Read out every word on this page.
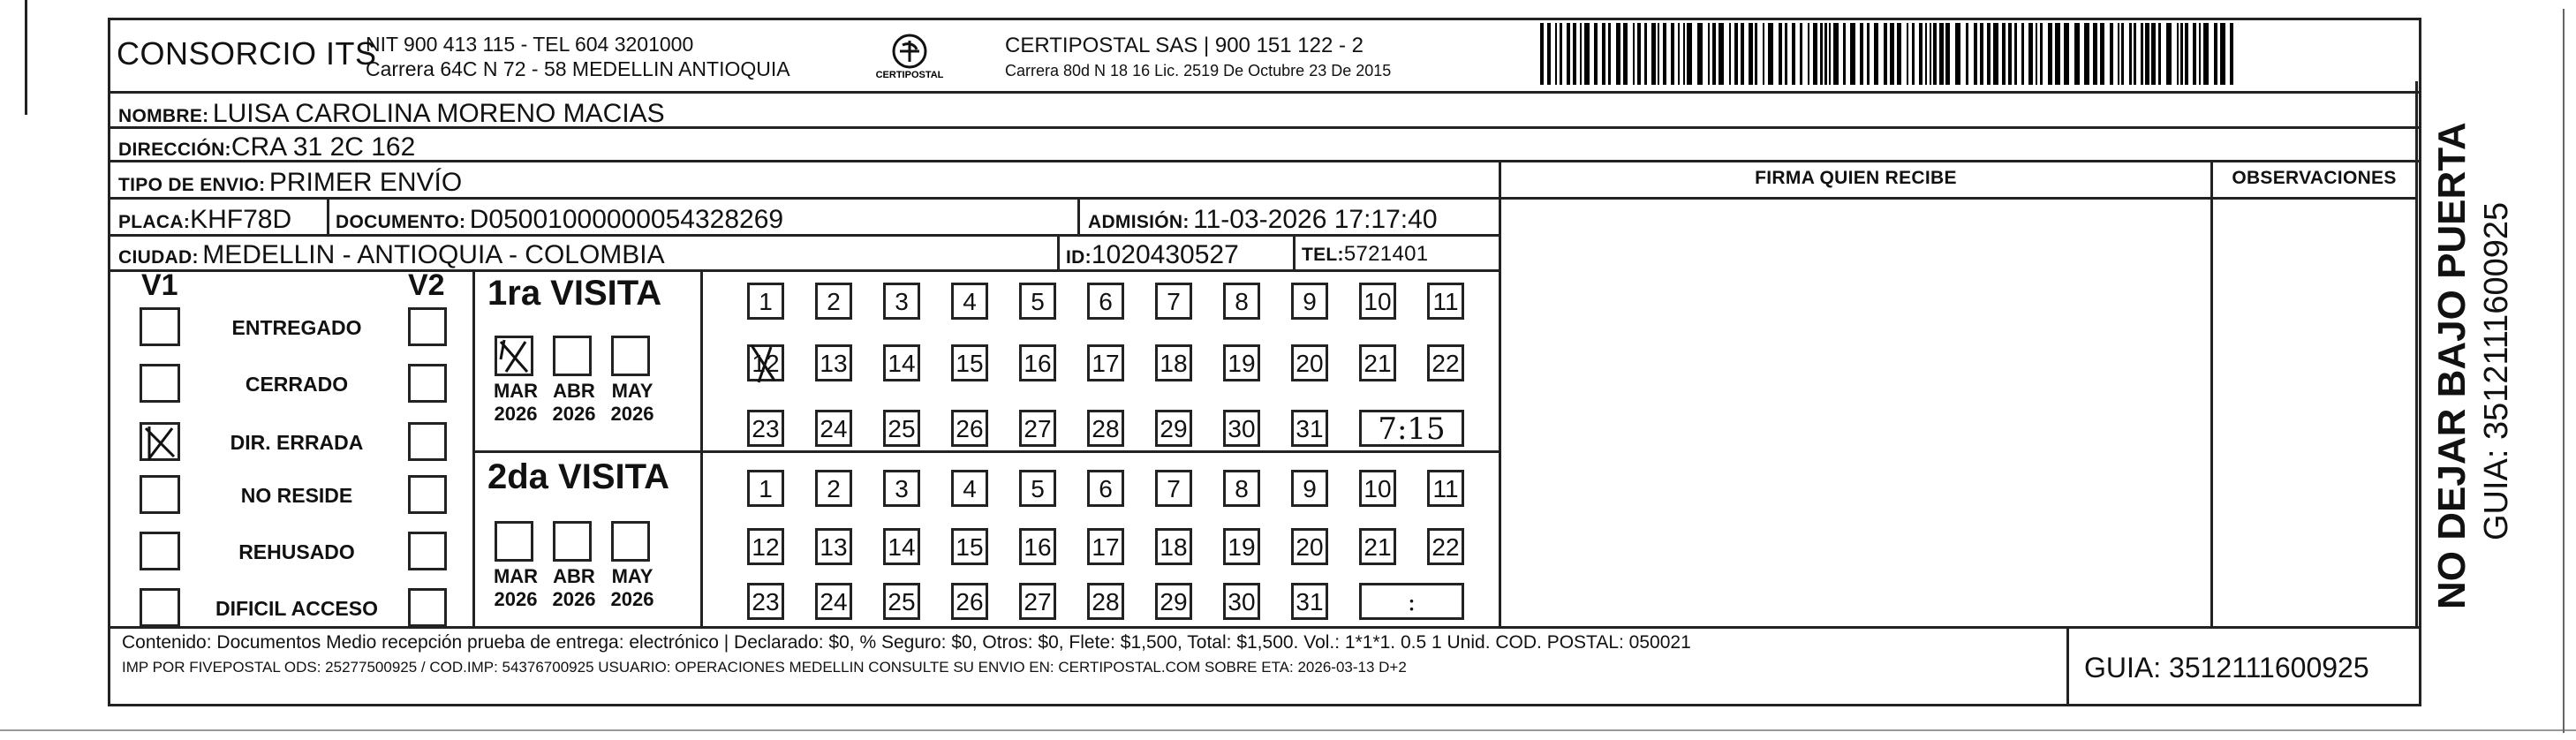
CONSORCIO ITS
NIT 900 413 115 - TEL 604 3201000
Carrera 64C N 72 - 58 MEDELLIN ANTIOQUIA	CERTIPOSTAL
CERTIPOSTAL SAS | 900 151 122 - 2
Carrera 80d N 18 16 Lic. 2519 De Octubre 23 De 2015
NOMBRE: LUISA CAROLINA MORENO MACIAS
DIRECCIÓN:CRA 31 2C 162
TIPO DE ENVIO: PRIMER ENVÍO	FIRMA QUIEN RECIBE	OBSERVACIONES
PLACA:KHF78D DOCUMENTO: D05001000000054328269	ADMISIÓN: 11-03-2026 17:17:40
CIUDAD: MEDELLIN - ANTIOQUIA - COLOMBIA	ID:1020430527	TEL:5721401
V1	V2
ENTREGADO
CERRADO
DIR. ERRADA
NO RESIDE
REHUSADO
DIFICIL ACCESO
1ra VISITA
2da VISITA
MAR
2026
ABR
2026
MAY
2026
MAR
2026
ABR
2026
MAY
2026
1	2	3	4	5	6	7	8	9	10 11
12 13 14 15 16 17 18 19 20 21 22
23 24 25 26 27 28 29 30 31	7:15
1	2	3	4	5	6	7	8	9	10 11
12 13 14 15 16 17 18 19 20 21 22
23 24 25 26 27 28 29 30 31	:
Contenido: Documentos Medio recepción prueba de entrega: electrónico | Declarado: $0, % Seguro: $0, Otros: $0, Flete: $1,500, Total: $1,500. Vol.: 1*1*1. 0.5 1 Unid. COD. POSTAL: 050021
IMP POR FIVEPOSTAL ODS: 25277500925 / COD.IMP: 54376700925 USUARIO: OPERACIONES MEDELLIN CONSULTE SU ENVIO EN: CERTIPOSTAL.COM SOBRE ETA: 2026-03-13 D+2	GUIA: 3512111600925
NO DEJAR BAJO PUERTA GUIA: 3512111600925
